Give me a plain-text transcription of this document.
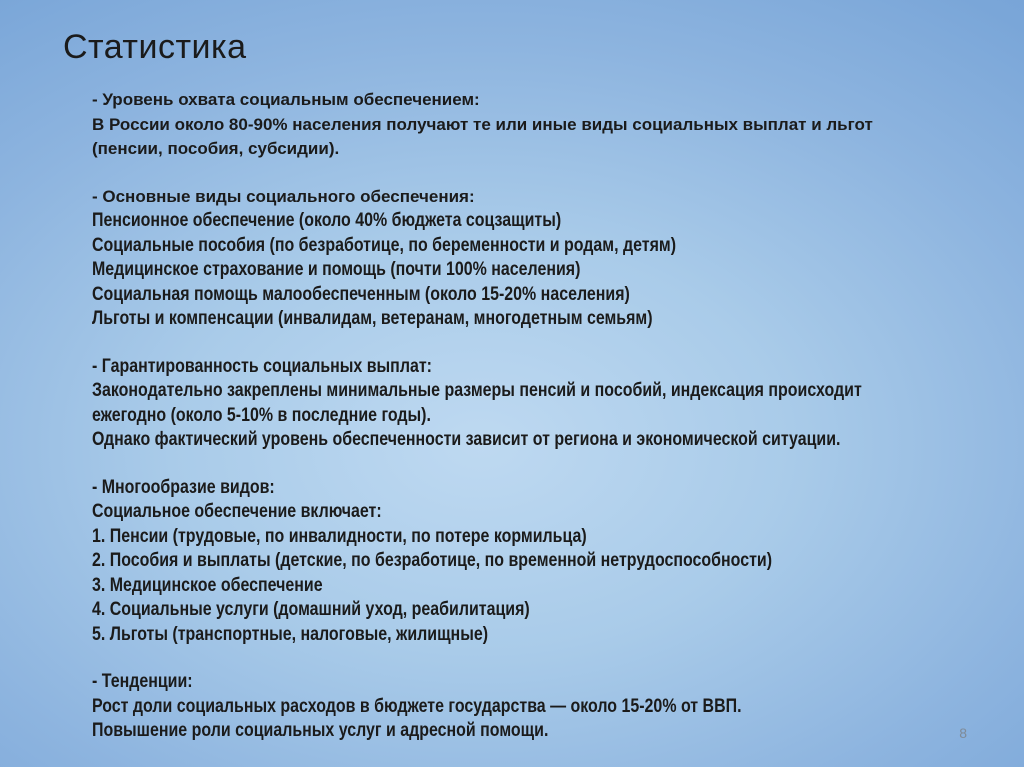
Статистика
- Уровень охвата социальным обеспечением:
В России около 80-90% населения получают те или иные виды социальных выплат и льгот
(пенсии, пособия, субсидии).
- Основные виды социального обеспечения:
Пенсионное обеспечение (около 40% бюджета соцзащиты)
Социальные пособия (по безработице, по беременности и родам, детям)
Медицинское страхование и помощь (почти 100% населения)
Социальная помощь малообеспеченным (около 15-20% населения)
Льготы и компенсации (инвалидам, ветеранам, многодетным семьям)
- Гарантированность социальных выплат:
Законодательно закреплены минимальные размеры пенсий и пособий, индексация происходит
ежегодно (около 5-10% в последние годы).
Однако фактический уровень обеспеченности зависит от региона и экономической ситуации.
- Многообразие видов:
Социальное обеспечение включает:
1. Пенсии (трудовые, по инвалидности, по потере кормильца)
2. Пособия и выплаты (детские, по безработице, по временной нетрудоспособности)
3. Медицинское обеспечение
4. Социальные услуги (домашний уход, реабилитация)
5. Льготы (транспортные, налоговые, жилищные)
- Тенденции:
Рост доли социальных расходов в бюджете государства — около 15-20% от ВВП.
Повышение роли социальных услуг и адресной помощи.	8
